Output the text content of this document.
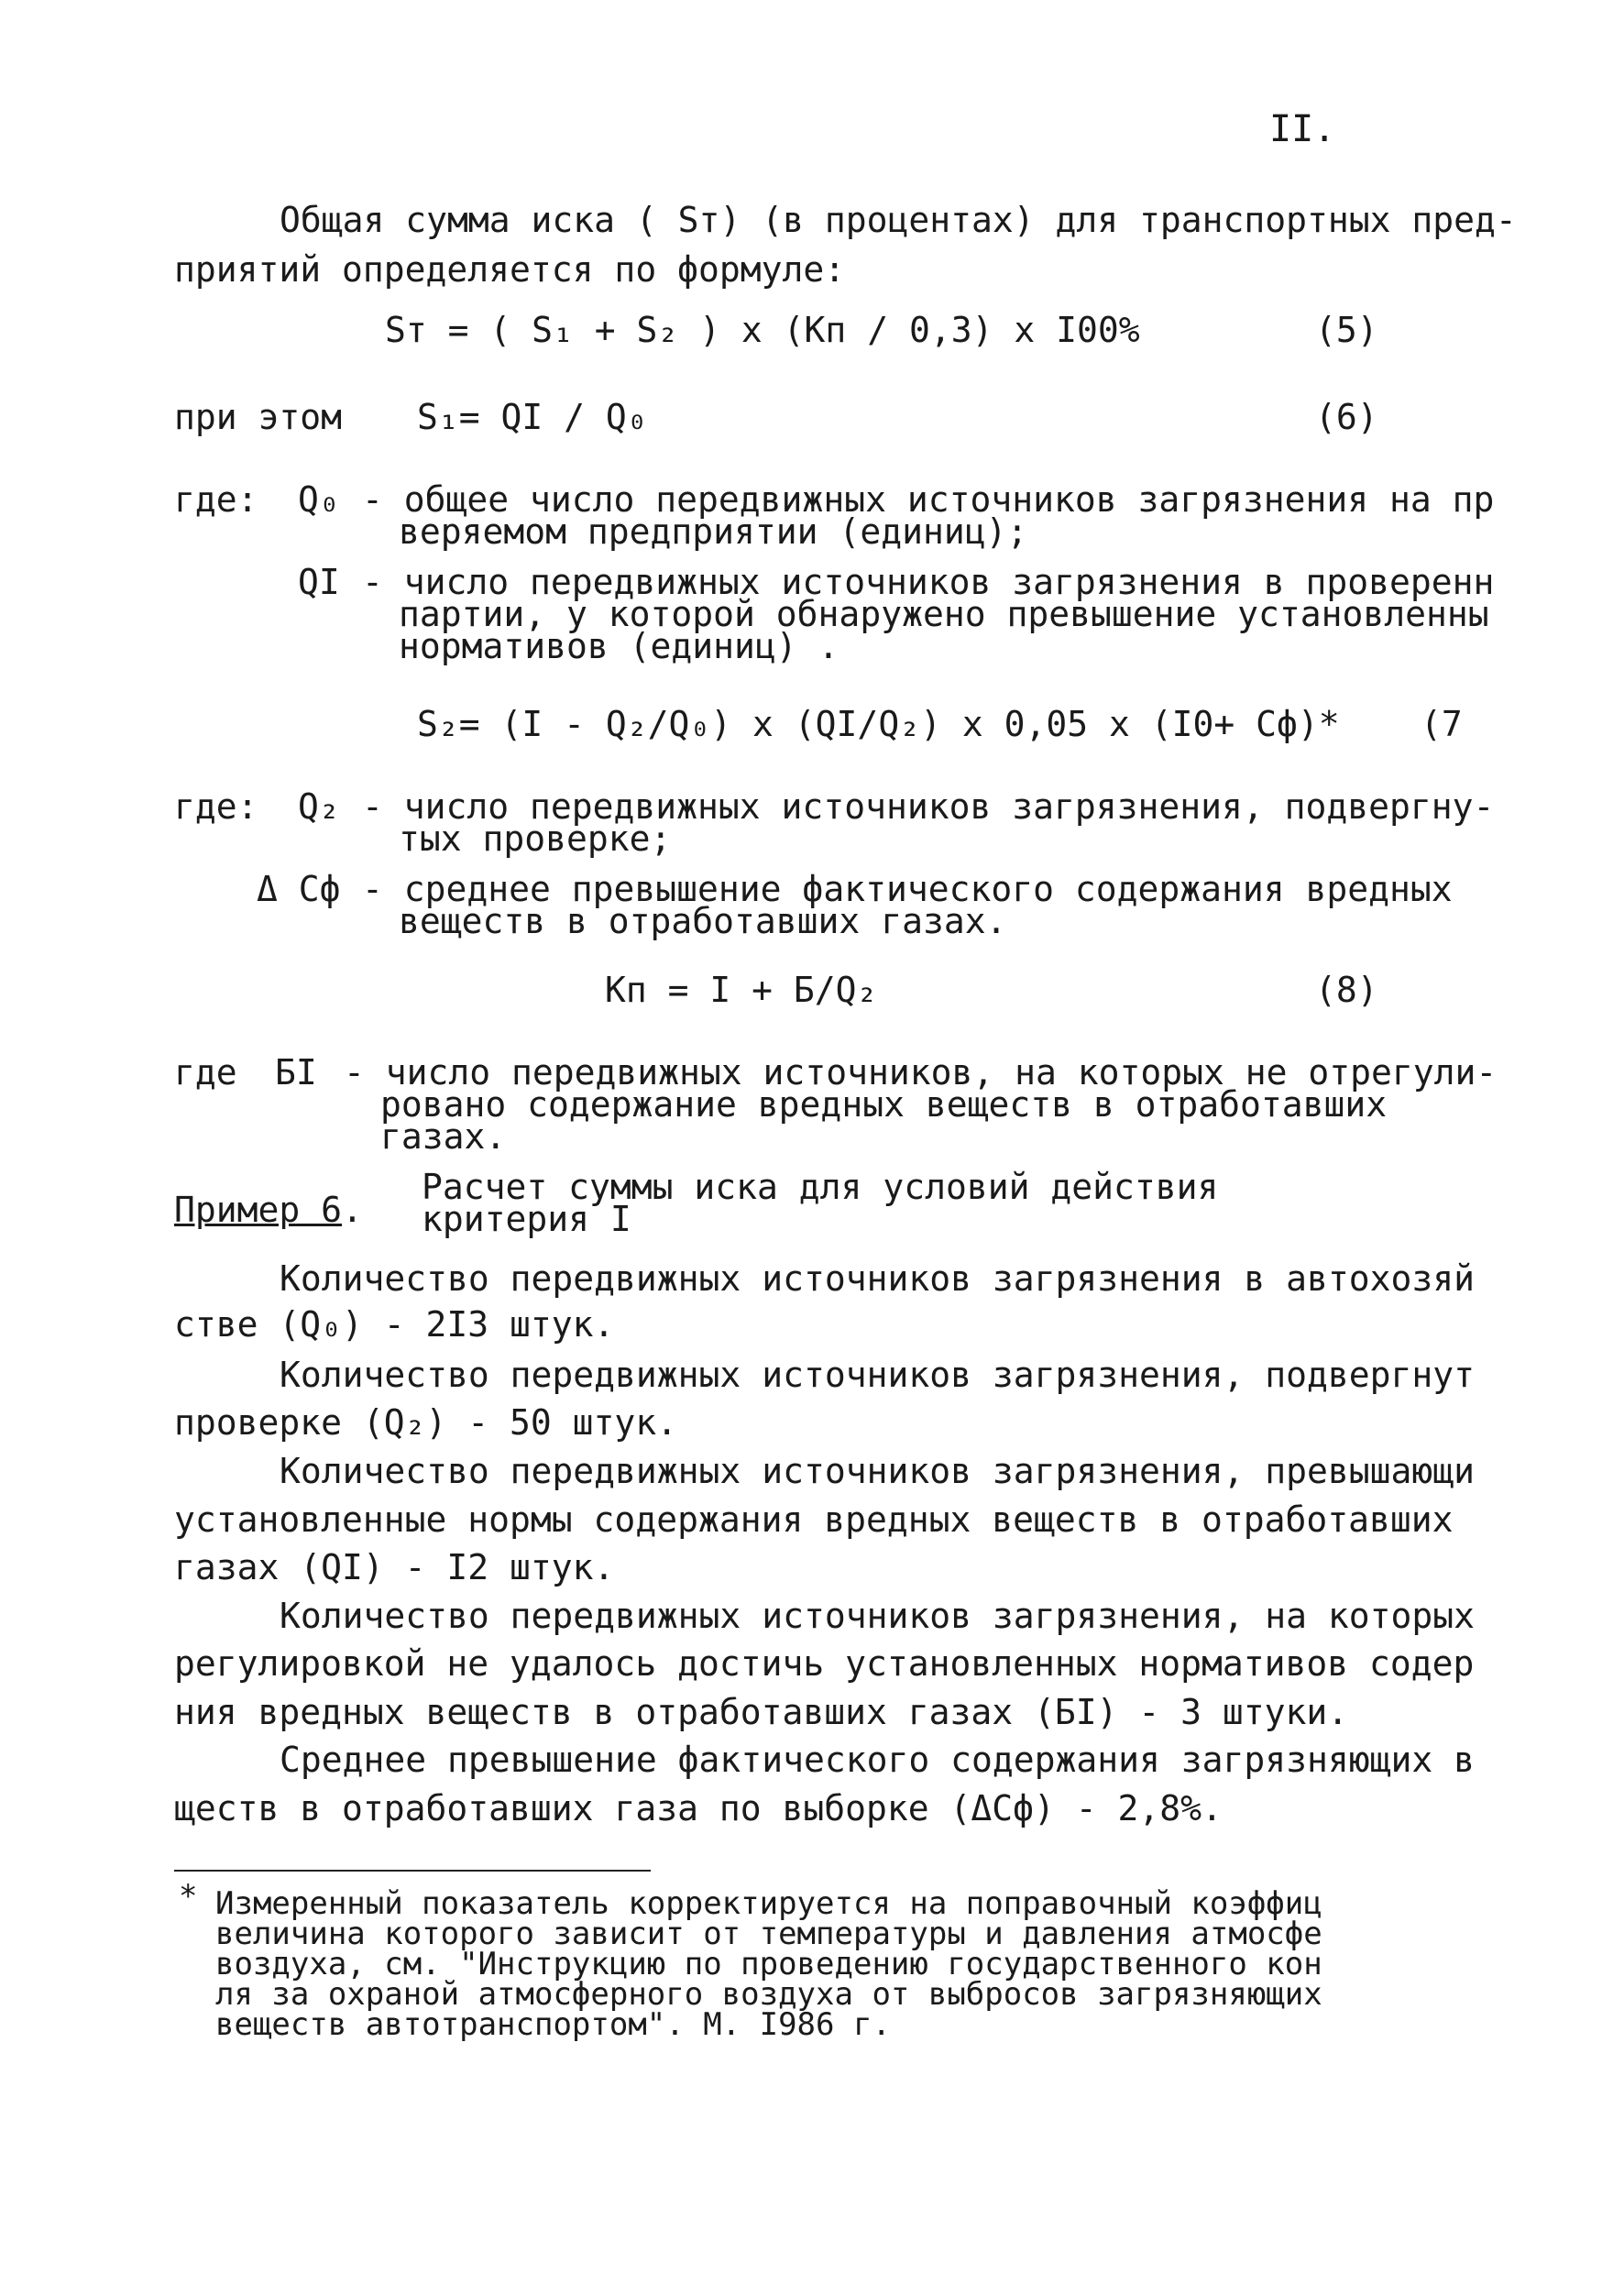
II.
Общая сумма иска ( Sт) (в процентах) для транспортных пред-
приятий определяется по формуле:
Sт = ( S₁ + S₂ ) x (Кп / 0,3) x I00%	(5)
при этом S₁= QI / Q₀	(6)
где: Q₀ - общее число передвижных источников загрязнения на пр
веряемом предприятии (единиц);
QI - число передвижных источников загрязнения в проверенн
партии, у которой обнаружено превышение установленны
нормативов (единиц) .
S₂= (I - Q₂/Q₀) x (QI/Q₂) x 0,05 x (I0+ Cф)* (7
где: Q₂ - число передвижных источников загрязнения, подвергну-
тых проверке;
Δ Cф - среднее превышение фактического содержания вредных
веществ в отработавших газах.
Кп = I + Б/Q₂	(8)
где БI - число передвижных источников, на которых не отрегули-
ровано содержание вредных веществ в отработавших
газах.
Расчет суммы иска для условий действия
Пример 6. критерия I
Количество передвижных источников загрязнения в автохозяй
стве (Q₀) - 2I3 штук.
Количество передвижных источников загрязнения, подвергнут
проверке (Q₂) - 50 штук.
Количество передвижных источников загрязнения, превышающи
установленные нормы содержания вредных веществ в отработавших
газах (QI) - I2 штук.
Количество передвижных источников загрязнения, на которых
регулировкой не удалось достичь установленных нормативов содер
ния вредных веществ в отработавших газах (БI) - 3 штуки.
Среднее превышение фактического содержания загрязняющих в
ществ в отработавших газа по выборке (ΔCф) - 2,8%.
* Измеренный показатель корректируется на поправочный коэффиц
величина которого зависит от температуры и давления атмосфе
воздуха, см. "Инструкцию по проведению государственного кон
ля за охраной атмосферного воздуха от выбросов загрязняющих
веществ автотранспортом". М. I986 г.
